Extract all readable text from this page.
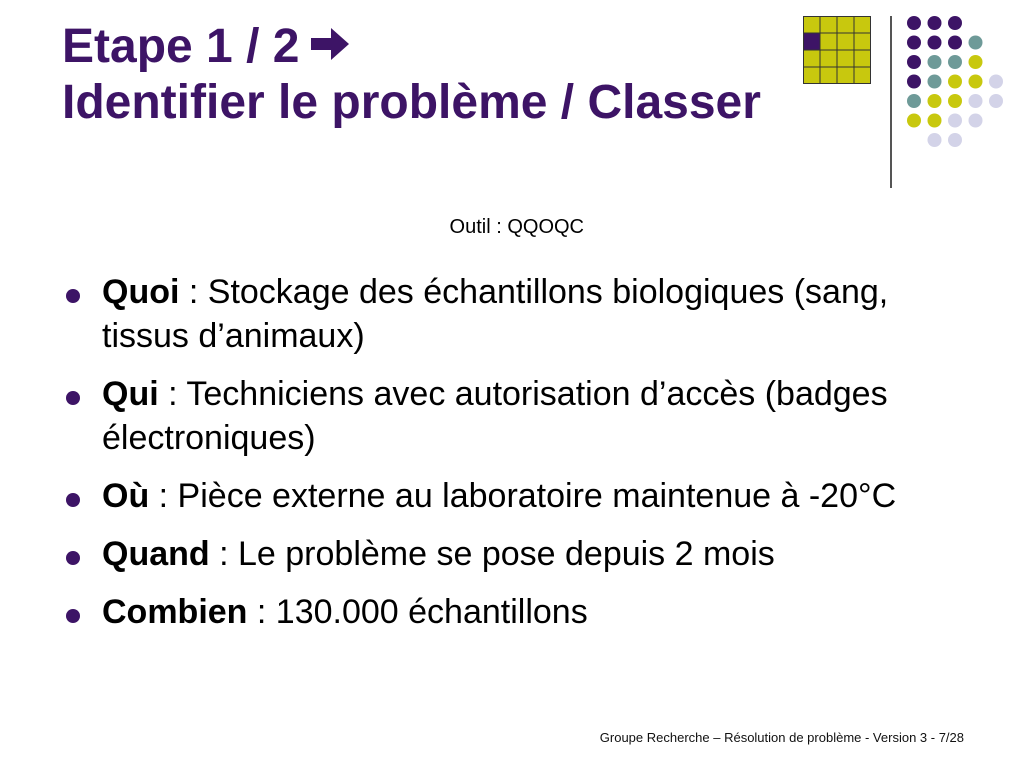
Etape 1 / 2
Identifier le problème / Classer
Outil : QQOQC
Quoi : Stockage des échantillons biologiques (sang, tissus d’animaux)
Qui : Techniciens avec autorisation d’accès (badges électroniques)
Où : Pièce externe au laboratoire maintenue à -20°C
Quand : Le problème se pose depuis 2 mois
Combien : 130.000 échantillons
Groupe Recherche – Résolution de problème - Version 3 - 7/28
